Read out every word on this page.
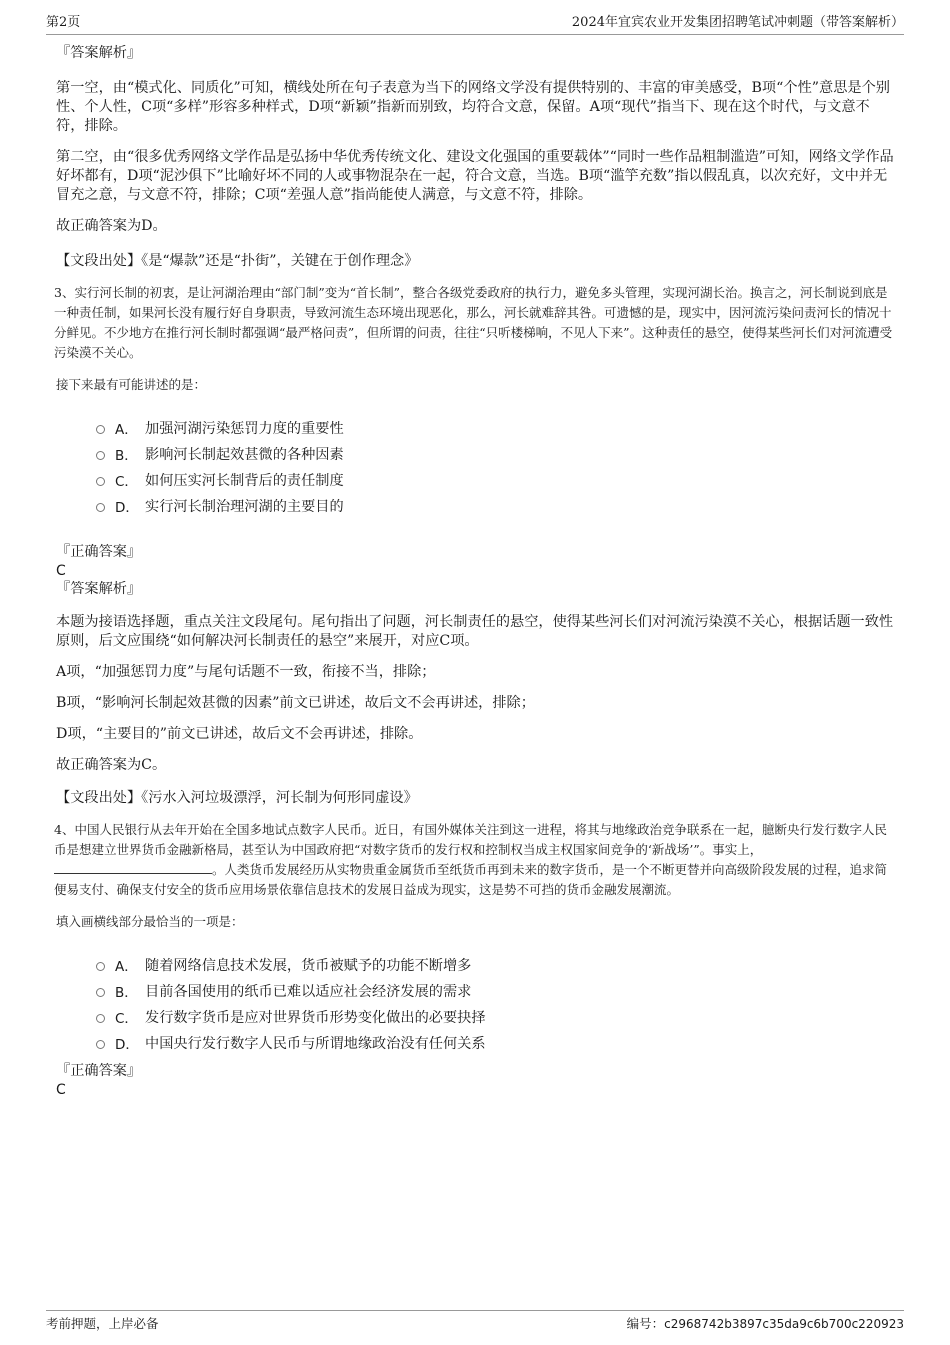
第2页	2024年宜宾农业开发集团招聘笔试冲刺题（带答案解析）

『答案解析』

第一空，由“模式化、同质化”可知，横线处所在句子表意为当下的网络文学没有提供特别的、丰富的审美感受，B项“个性”意思是个别性、个人性，C项“多样”形容多种样式，D项“新颖”指新而别致，均符合文意，保留。A项“现代”指当下、现在这个时代，与文意不符，排除。

第二空，由“很多优秀网络文学作品是弘扬中华优秀传统文化、建设文化强国的重要载体”“同时一些作品粗制滥造”可知，网络文学作品好坏都有，D项“泥沙俱下”比喻好坏不同的人或事物混杂在一起，符合文意，当选。B项“滥竽充数”指以假乱真，以次充好，文中并无冒充之意，与文意不符，排除；C项“差强人意”指尚能使人满意，与文意不符，排除。

故正确答案为D。

【文段出处】《是“爆款”还是“扑街”，关键在于创作理念》

3、实行河长制的初衷，是让河湖治理由“部门制”变为“首长制”，整合各级党委政府的执行力，避免多头管理，实现河湖长治。换言之，河长制说到底是一种责任制，如果河长没有履行好自身职责，导致河流生态环境出现恶化，那么，河长就难辞其咎。可遗憾的是，现实中，因河流污染问责河长的情况十分鲜见。不少地方在推行河长制时都强调“最严格问责”，但所谓的问责，往往“只听楼梯响，不见人下来”。这种责任的悬空，使得某些河长们对河流遭受污染漠不关心。

接下来最有可能讲述的是：

A． 加强河湖污染惩罚力度的重要性
B． 影响河长制起效甚微的各种因素
C． 如何压实河长制背后的责任制度
D． 实行河长制治理河湖的主要目的

『正确答案』

C

『答案解析』

本题为接语选择题，重点关注文段尾句。尾句指出了问题，河长制责任的悬空，使得某些河长们对河流污染漠不关心，根据话题一致性原则，后文应围绕“如何解决河长制责任的悬空”来展开，对应C项。

A项，“加强惩罚力度”与尾句话题不一致，衔接不当，排除；

B项，“影响河长制起效甚微的因素”前文已讲述，故后文不会再讲述，排除；

D项，“主要目的”前文已讲述，故后文不会再讲述，排除。

故正确答案为C。

【文段出处】《污水入河垃圾漂浮，河长制为何形同虚设》

4、中国人民银行从去年开始在全国多地试点数字人民币。近日，有国外媒体关注到这一进程，将其与地缘政治竞争联系在一起，臆断央行发行数字人民币是想建立世界货币金融新格局，甚至认为中国政府把“对数字货币的发行权和控制权当成主权国家间竞争的‘新战场’”。事实上，。人类货币发展经历从实物贵重金属货币至纸货币再到未来的数字货币，是一个不断更替并向高级阶段发展的过程，追求简便易支付、确保支付安全的货币应用场景依靠信息技术的发展日益成为现实，这是势不可挡的货币金融发展潮流。

填入画横线部分最恰当的一项是：

A． 随着网络信息技术发展，货币被赋予的功能不断增多
B． 目前各国使用的纸币已难以适应社会经济发展的需求
C． 发行数字货币是应对世界货币形势变化做出的必要抉择
D． 中国央行发行数字人民币与所谓地缘政治没有任何关系

『正确答案』

C

考前押题，上岸必备	编号：c2968742b3897c35da9c6b700c220923
